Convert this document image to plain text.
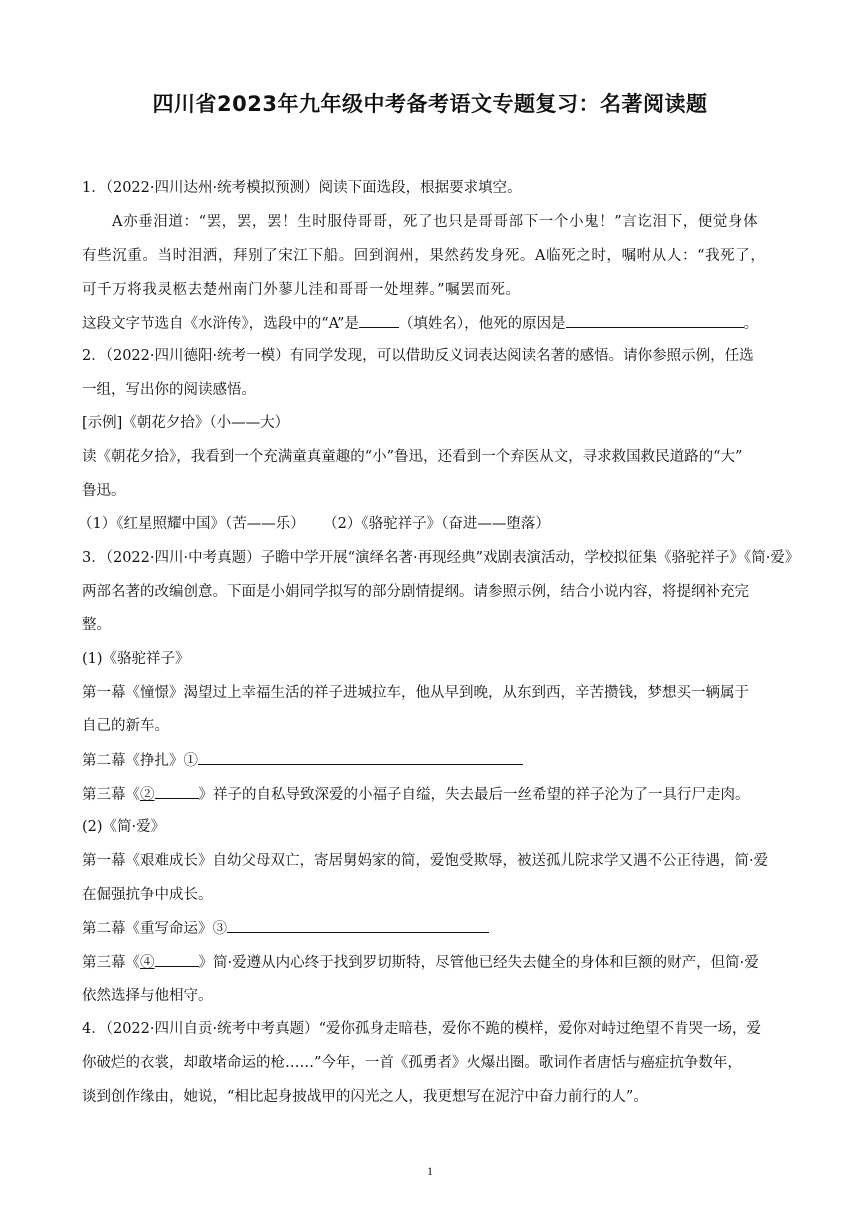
四川省2023年九年级中考备考语文专题复习：名著阅读题
1．（2022·四川达州·统考模拟预测）阅读下面选段，根据要求填空。
A亦垂泪道：“罢，罢，罢！生时服侍哥哥，死了也只是哥哥部下一个小鬼！”言讫泪下，便觉身体
有些沉重。当时泪洒，拜别了宋江下船。回到润州，果然药发身死。A临死之时，嘱咐从人：“我死了，
可千万将我灵柩去楚州南门外蓼儿洼和哥哥一处埋葬。”嘱罢而死。
这段文字节选自《水浒传》，选段中的“A”是	（填姓名），他死的原因是	。
2．（2022·四川德阳·统考一模）有同学发现，可以借助反义词表达阅读名著的感悟。请你参照示例，任选
一组，写出你的阅读感悟。
[示例]《朝花夕拾》（小——大）
读《朝花夕拾》，我看到一个充满童真童趣的“小”鲁迅，还看到一个弃医从文，寻求救国救民道路的“大”
鲁迅。
（1）《红星照耀中国》（苦——乐）    （2）《骆驼祥子》（奋进——堕落）
3．（2022·四川·中考真题）子瞻中学开展“演绎名著·再现经典”戏剧表演活动，学校拟征集《骆驼祥子》《简·爱》
两部名著的改编创意。下面是小娟同学拟写的部分剧情提纲。请参照示例，结合小说内容，将提纲补充完
整。
(1)《骆驼祥子》
第一幕《憧憬》渴望过上幸福生活的祥子进城拉车，他从早到晚，从东到西，辛苦攒钱，梦想买一辆属于
自己的新车。
第二幕《挣扎》①
第三幕《②	》祥子的自私导致深爱的小福子自缢，失去最后一丝希望的祥子沦为了一具行尸走肉。
(2)《简·爱》
第一幕《艰难成长》自幼父母双亡，寄居舅妈家的简，爱饱受欺辱，被送孤儿院求学又遇不公正待遇，简·爱
在倔强抗争中成长。
第二幕《重写命运》③
第三幕《④	》简·爱遵从内心终于找到罗切斯特，尽管他已经失去健全的身体和巨额的财产，但简·爱
依然选择与他相守。
4．（2022·四川自贡·统考中考真题）“爱你孤身走暗巷，爱你不跪的模样，爱你对峙过绝望不肯哭一场，爱
你破烂的衣裳，却敢堵命运的枪……”今年，一首《孤勇者》火爆出圈。歌词作者唐恬与癌症抗争数年，
谈到创作缘由，她说，“相比起身披战甲的闪光之人，我更想写在泥泞中奋力前行的人”。
1
